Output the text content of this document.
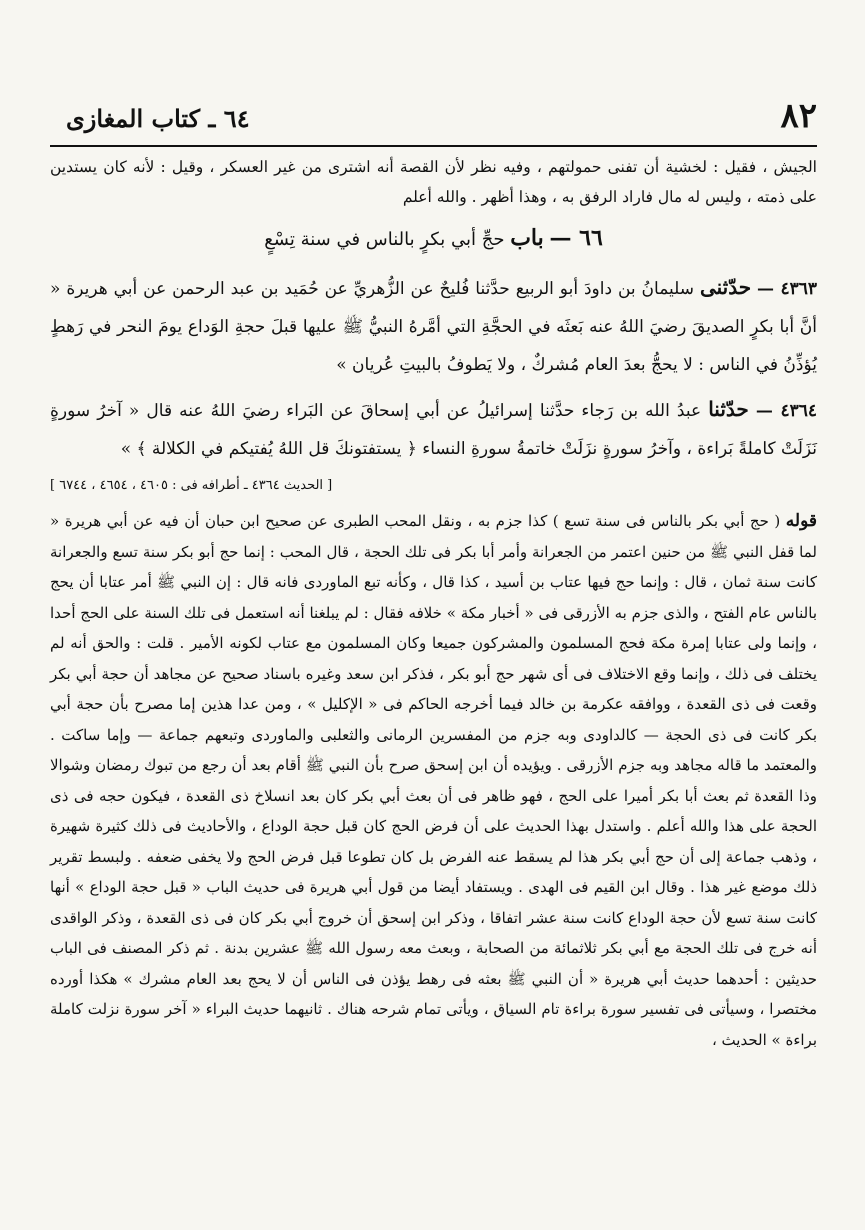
٨٢
٦٤ ـ كتاب المغازى

الجيش ، فقيل : لخشية أن تفنى حمولتهم ، وفيه نظر لأن القصة أنه اشترى من غير العسكر ، وقيل : لأنه كان يستدين على ذمته ، وليس له مال فاراد الرفق به ، وهذا أظهر . والله أعلم

٦٦ — باب حجِّ أبي بكرٍ بالناس في سنة تِسْعٍ

٤٣٦٣ — حدّثنى سليمانُ بن داودَ أبو الربيع حدَّثنا فُليحٌ عن الزُّهريِّ عن حُمَيد بن عبد الرحمن عن أبي هريرة « أنَّ أبا بكرٍ الصديقَ رضيَ اللهُ عنه بَعثَه في الحجَّةِ التي أمَّرهُ النبيُّ ﷺ عليها قبلَ حجةِ الوَداع يومَ النحر في رَهطٍ يُؤذِّنُ في الناس : لا يحجُّ بعدَ العام مُشركٌ ، ولا يَطوفُ بالبيتِ عُريان »

٤٣٦٤ — حدّثنا عبدُ الله بن رَجاء حدَّثنا إسرائيلُ عن أبي إسحاقَ عن البَراء رضيَ اللهُ عنه قال « آخرُ سورةٍ نَزَلَتْ كاملةً بَراءة ، وآخرُ سورةٍ نزَلَتْ خاتمةُ سورةِ النساء ﴿ يستفتونكَ قل اللهُ يُفتيكم في الكلالة ﴾ »

[ الحديث ٤٣٦٤ ـ أطرافه فى : ٤٦٠٥ ، ٤٦٥٤ ، ٦٧٤٤ ]

قوله ( حج أبي بكر بالناس فى سنة تسع ) كذا جزم به ، ونقل المحب الطبرى عن صحيح ابن حبان أن فيه عن أبي هريرة « لما قفل النبي ﷺ من حنين اعتمر من الجعرانة وأمر أبا بكر فى تلك الحجة ، قال المحب : إنما حج أبو بكر سنة تسع والجعرانة كانت سنة ثمان ، قال : وإنما حج فيها عتاب بن أسيد ، كذا قال ، وكأنه تبع الماوردى فانه قال : إن النبي ﷺ أمر عتابا أن يحج بالناس عام الفتح ، والذى جزم به الأزرقى فى « أخبار مكة » خلافه فقال : لم يبلغنا أنه استعمل فى تلك السنة على الحج أحدا ، وإنما ولى عتابا إمرة مكة فحج المسلمون والمشركون جميعا وكان المسلمون مع عتاب لكونه الأمير . قلت : والحق أنه لم يختلف فى ذلك ، وإنما وقع الاختلاف فى أى شهر حج أبو بكر ، فذكر ابن سعد وغيره باسناد صحيح عن مجاهد أن حجة أبي بكر وقعت فى ذى القعدة ، ووافقه عكرمة بن خالد فيما أخرجه الحاكم فى « الإكليل » ، ومن عدا هذين إما مصرح بأن حجة أبي بكر كانت فى ذى الحجة — كالداودى وبه جزم من المفسرين الرمانى والثعلبى والماوردى وتبعهم جماعة — وإما ساكت . والمعتمد ما قاله مجاهد وبه جزم الأزرقى . ويؤيده أن ابن إسحق صرح بأن النبي ﷺ أقام بعد أن رجع من تبوك رمضان وشوالا وذا القعدة ثم بعث أبا بكر أميرا على الحج ، فهو ظاهر فى أن بعث أبي بكر كان بعد انسلاخ ذى القعدة ، فيكون حجه فى ذى الحجة على هذا والله أعلم . واستدل بهذا الحديث على أن فرض الحج كان قبل حجة الوداع ، والأحاديث فى ذلك كثيرة شهيرة ، وذهب جماعة إلى أن حج أبي بكر هذا لم يسقط عنه الفرض بل كان تطوعا قبل فرض الحج ولا يخفى ضعفه . ولبسط تقرير ذلك موضع غير هذا . وقال ابن القيم فى الهدى . ويستفاد أيضا من قول أبي هريرة فى حديث الباب « قبل حجة الوداع » أنها كانت سنة تسع لأن حجة الوداع كانت سنة عشر اتفاقا ، وذكر ابن إسحق أن خروج أبي بكر كان فى ذى القعدة ، وذكر الواقدى أنه خرج فى تلك الحجة مع أبي بكر ثلاثمائة من الصحابة ، وبعث معه رسول الله ﷺ عشرين بدنة . ثم ذكر المصنف فى الباب حديثين : أحدهما حديث أبي هريرة « أن النبي ﷺ بعثه فى رهط يؤذن فى الناس أن لا يحج بعد العام مشرك » هكذا أورده مختصرا ، وسيأتى فى تفسير سورة براءة تام السياق ، ويأتى تمام شرحه هناك . ثانيهما حديث البراء « آخر سورة نزلت كاملة براءة » الحديث ،
